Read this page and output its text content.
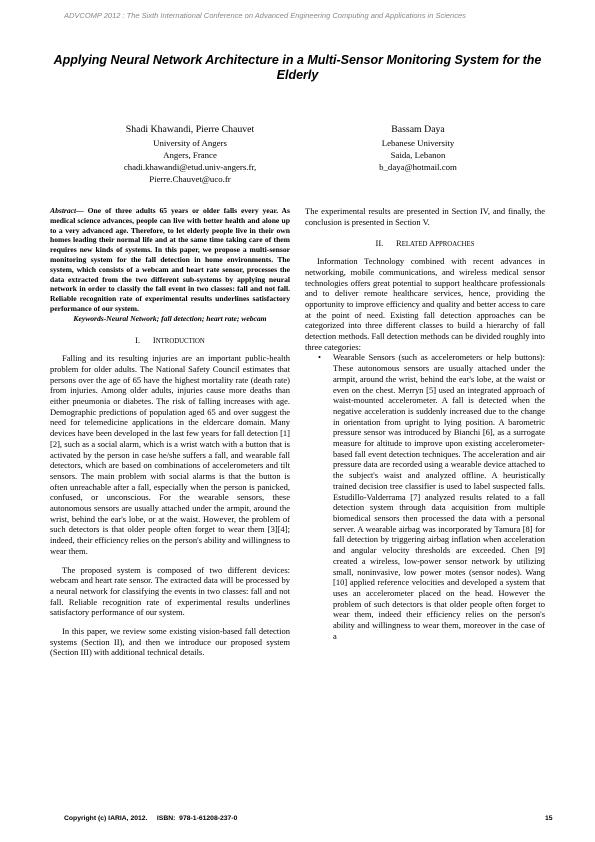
ADVCOMP 2012 : The Sixth International Conference on Advanced Engineering Computing and Applications in Sciences
Applying Neural Network Architecture in a Multi-Sensor Monitoring System for the Elderly
Shadi Khawandi, Pierre Chauvet
University of Angers
Angers, France
chadi.khawandi@etud.univ-angers.fr,
Pierre.Chauvet@uco.fr
Bassam Daya
Lebanese University
Saida, Lebanon
b_daya@hotmail.com

Abstract— One of three adults 65 years or older falls every year. As medical science advances, people can live with better health and alone up to a very advanced age. Therefore, to let elderly people live in their own homes leading their normal life and at the same time taking care of them requires new kinds of systems. In this paper, we propose a multi-sensor monitoring system for the fall detection in home environments. The system, which consists of a webcam and heart rate sensor, processes the data extracted from the two different sub-systems by applying neural network in order to classify the fall event in two classes: fall and not fall. Reliable recognition rate of experimental results underlines satisfactory performance of our system.

Keywords-Neural Network; fall detection; heart rate; webcam

I. INTRODUCTION

Falling and its resulting injuries are an important public-health problem for older adults. The National Safety Council estimates that persons over the age of 65 have the highest mortality rate (death rate) from injuries. Among older adults, injuries cause more deaths than either pneumonia or diabetes. The risk of falling increases with age. Demographic predictions of population aged 65 and over suggest the need for telemedicine applications in the eldercare domain. Many devices have been developed in the last few years for fall detection [1][2], such as a social alarm, which is a wrist watch with a button that is activated by the person in case he/she suffers a fall, and wearable fall detectors, which are based on combinations of accelerometers and tilt sensors. The main problem with social alarms is that the button is often unreachable after a fall, especially when the person is panicked, confused, or unconscious. For the wearable sensors, these autonomous sensors are usually attached under the armpit, around the wrist, behind the ear's lobe, or at the waist. However, the problem of such detectors is that older people often forget to wear them [3][4]; indeed, their efficiency relies on the person's ability and willingness to wear them.

The proposed system is composed of two different devices: webcam and heart rate sensor. The extracted data will be processed by a neural network for classifying the events in two classes: fall and not fall. Reliable recognition rate of experimental results underlines satisfactory performance of our system.

In this paper, we review some existing vision-based fall detection systems (Section II), and then we introduce our proposed system (Section III) with additional technical details.

The experimental results are presented in Section IV, and finally, the conclusion is presented in Section V.

II. RELATED APPROACHES

Information Technology combined with recent advances in networking, mobile communications, and wireless medical sensor technologies offers great potential to support healthcare professionals and to deliver remote healthcare services, hence, providing the opportunity to improve efficiency and quality and better access to care at the point of need. Existing fall detection approaches can be categorized into three different classes to build a hierarchy of fall detection methods. Fall detection methods can be divided roughly into three categories:

• Wearable Sensors (such as accelerometers or help buttons): These autonomous sensors are usually attached under the armpit, around the wrist, behind the ear's lobe, at the waist or even on the chest. Merryn [5] used an integrated approach of waist-mounted accelerometer. A fall is detected when the negative acceleration is suddenly increased due to the change in orientation from upright to lying position. A barometric pressure sensor was introduced by Bianchi [6], as a surrogate measure for altitude to improve upon existing accelerometer-based fall event detection techniques. The acceleration and air pressure data are recorded using a wearable device attached to the subject's waist and analyzed offline. A heuristically trained decision tree classifier is used to label suspected falls. Estudillo-Valderrama [7] analyzed results related to a fall detection system through data acquisition from multiple biomedical sensors then processed the data with a personal server. A wearable airbag was incorporated by Tamura [8] for fall detection by triggering airbag inflation when acceleration and angular velocity thresholds are exceeded. Chen [9] created a wireless, low-power sensor network by utilizing small, noninvasive, low power motes (sensor nodes). Wang [10] applied reference velocities and developed a system that uses an accelerometer placed on the head. However the problem of such detectors is that older people often forget to wear them, indeed their efficiency relies on the person's ability and willingness to wear them, moreover in the case of a

Copyright (c) IARIA, 2012.     ISBN:  978-1-61208-237-0	15
